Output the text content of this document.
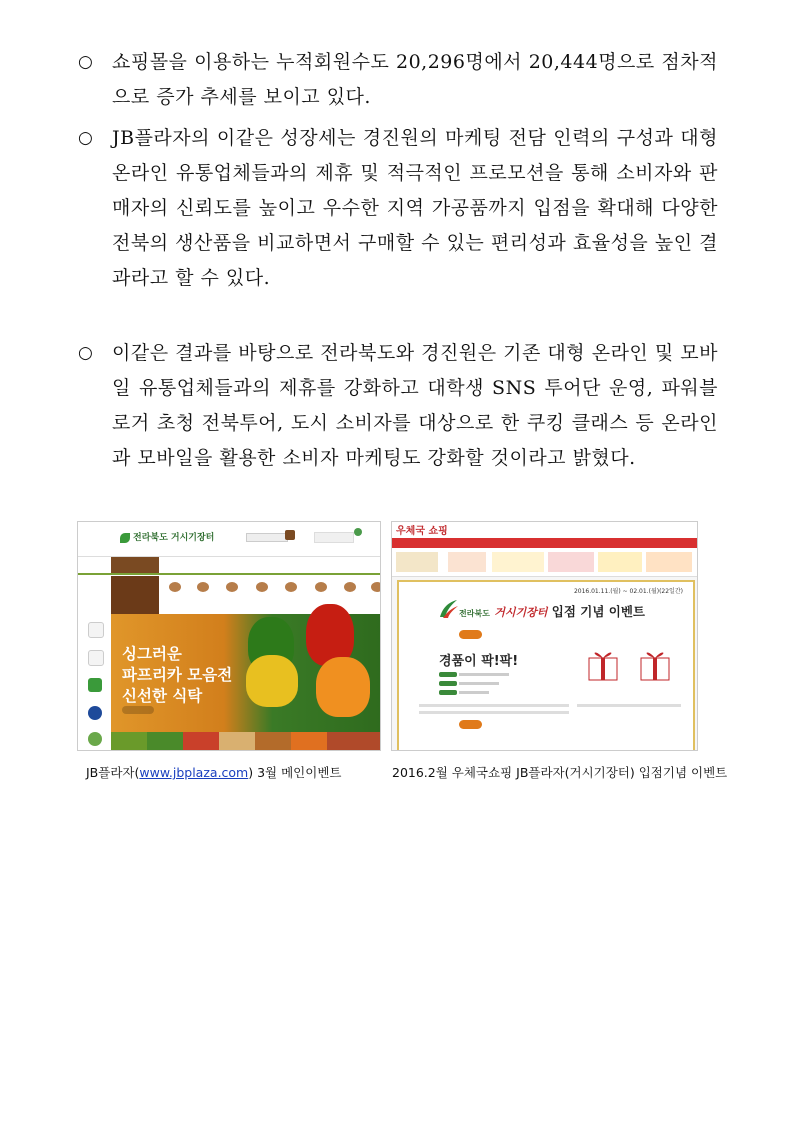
○	쇼핑몰을 이용하는 누적회원수도 20,296명에서 20,444명으로 점차적으로 증가 추세를 보이고 있다.
○	JB플라자의 이같은 성장세는 경진원의 마케팅 전담 인력의 구성과 대형 온라인 유통업체들과의 제휴 및 적극적인 프로모션을 통해 소비자와 판매자의 신뢰도를 높이고 우수한 지역 가공품까지 입점을 확대해 다양한 전북의 생산품을 비교하면서 구매할 수 있는 편리성과 효율성을 높인 결과라고 할 수 있다.
○	이같은 결과를 바탕으로 전라북도와 경진원은 기존 대형 온라인 및 모바일 유통업체들과의 제휴를 강화하고 대학생 SNS 투어단 운영, 파워블로거 초청 전북투어, 도시 소비자를 대상으로 한 쿠킹 클래스 등 온라인과 모바일을 활용한 소비자 마케팅도 강화할 것이라고 밝혔다.
전라북도 거시기장터
싱그러운
파프리카 모음전
신선한 식탁

우체국 쇼핑
2016.01.11.(월) ~ 02.01.(월)(22일간)
전라북도 거시기장터 입점 기념 이벤트

경품이 팍!팍!

JB플라자(www.jbplaza.com) 3월 메인이벤트	2016.2월 우체국쇼핑 JB플라자(거시기장터) 입점기념 이벤트
